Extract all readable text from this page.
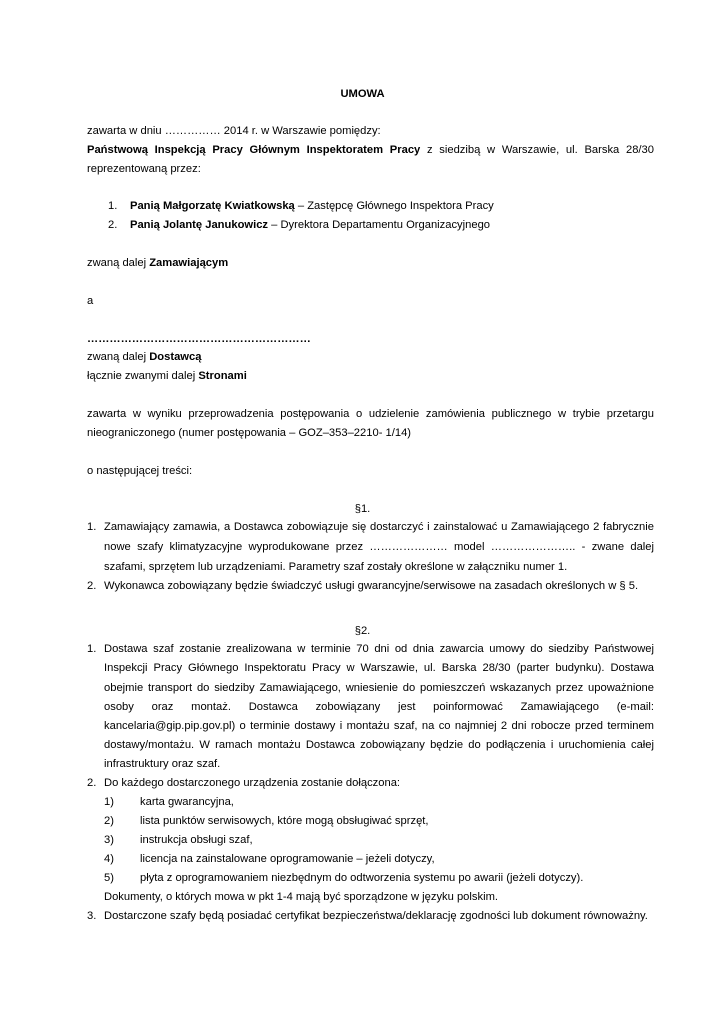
UMOWA
zawarta w dniu …………… 2014 r. w Warszawie pomiędzy:
Państwową Inspekcją Pracy Głównym Inspektoratem Pracy z siedzibą w Warszawie, ul. Barska 28/30
reprezentowaną przez:
1. Panią Małgorzatę Kwiatkowską – Zastępcę Głównego Inspektora Pracy
2. Panią Jolantę Janukowicz – Dyrektora Departamentu Organizacyjnego
zwaną dalej Zamawiającym
a
……………………………………………………
zwaną dalej Dostawcą
łącznie zwanymi dalej Stronami
zawarta w wyniku przeprowadzenia postępowania o udzielenie zamówienia publicznego w trybie przetargu
nieograniczonego (numer postępowania – GOZ–353–2210- 1/14)
o następującej treści:
§1.
1. Zamawiający zamawia, a Dostawca zobowiązuje się dostarczyć i zainstalować u Zamawiającego 2 fabrycznie
nowe szafy klimatyzacyjne wyprodukowane przez ………………… model ………………….. - zwane dalej
szafami, sprzętem lub urządzeniami. Parametry szaf zostały określone w załączniku numer 1.
2. Wykonawca zobowiązany będzie świadczyć usługi gwarancyjne/serwisowe na zasadach określonych w § 5.
§2.
1. Dostawa szaf zostanie zrealizowana w terminie 70 dni od dnia zawarcia umowy do siedziby Państwowej
Inspekcji Pracy Głównego Inspektoratu Pracy w Warszawie, ul. Barska 28/30 (parter budynku). Dostawa
obejmie transport do siedziby Zamawiającego, wniesienie do pomieszczeń wskazanych przez upoważnione
osoby oraz montaż. Dostawca zobowiązany jest poinformować Zamawiającego (e-mail:
kancelaria@gip.pip.gov.pl) o terminie dostawy i montażu szaf, na co najmniej 2 dni robocze przed terminem
dostawy/montażu. W ramach montażu Dostawca zobowiązany będzie do podłączenia i uruchomienia całej
infrastruktury oraz szaf.
2. Do każdego dostarczonego urządzenia zostanie dołączona:
1) karta gwarancyjna,
2) lista punktów serwisowych, które mogą obsługiwać sprzęt,
3) instrukcja obsługi szaf,
4) licencja na zainstalowane oprogramowanie – jeżeli dotyczy,
5) płyta z oprogramowaniem niezbędnym do odtworzenia systemu po awarii (jeżeli dotyczy).
Dokumenty, o których mowa w pkt 1-4 mają być sporządzone w języku polskim.
3. Dostarczone szafy będą posiadać certyfikat bezpieczeństwa/deklarację zgodności lub dokument równoważny.
